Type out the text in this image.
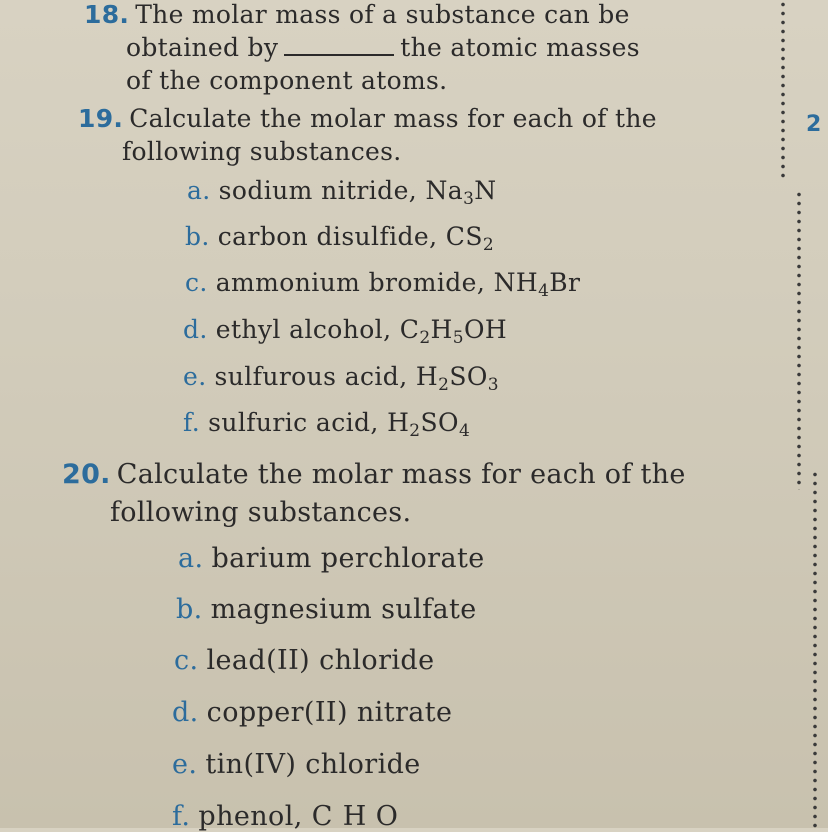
18. The molar mass of a substance can be
obtained by	the atomic masses
of the component atoms.
19. Calculate the molar mass for each of the
following substances.
a. sodium nitride, $Na_3N$
b. carbon disulfide, $CS_2$
c. ammonium bromide, $NH_4Br$
d. ethyl alcohol, $C_2H_5OH$
e. sulfurous acid, $H_2SO_3$
f. sulfuric acid, $H_2SO_4$
20. Calculate the molar mass for each of the
following substances.
a. barium perchlorate
b. magnesium sulfate
c. lead(II) chloride
d. copper(II) nitrate
e. tin(IV) chloride
f. phenol, C H O
2
